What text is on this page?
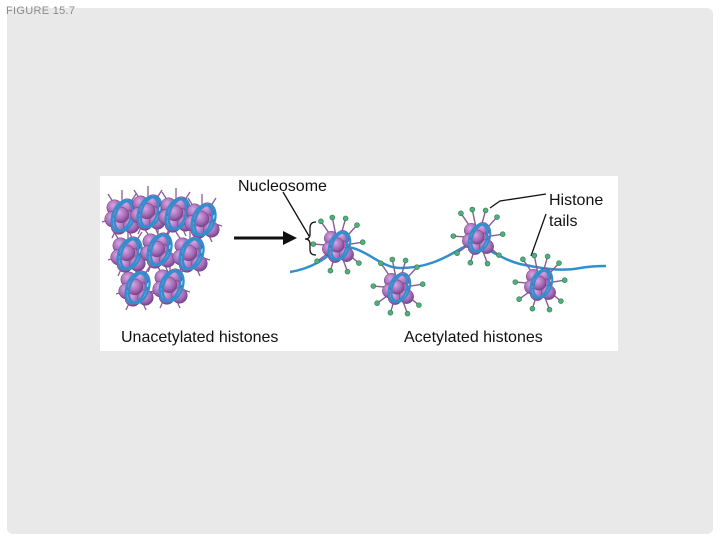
FIGURE 15.7
Nucleosome
Histone
tails
Unacetylated histones	Acetylated histones
